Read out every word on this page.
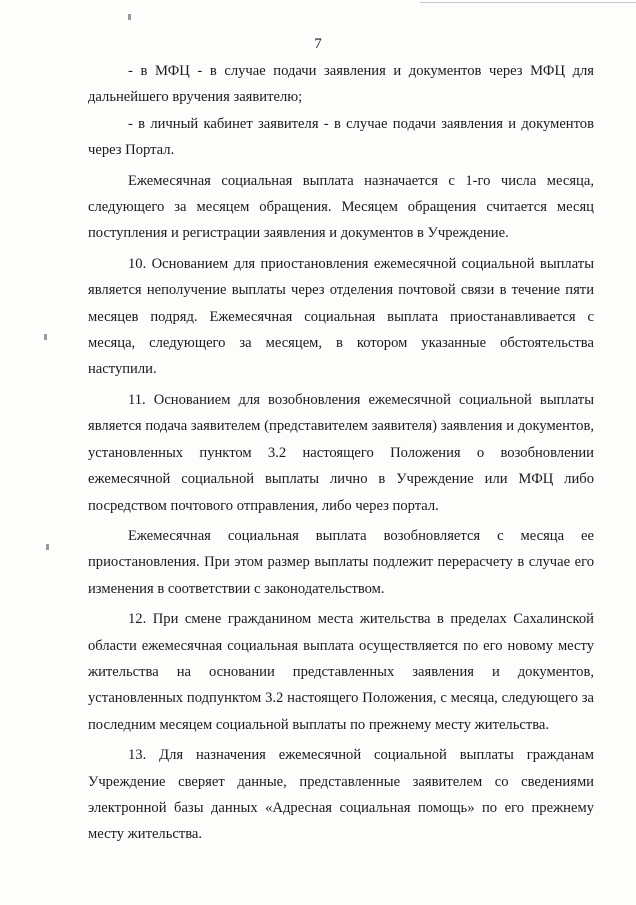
7

- в МФЦ - в случае подачи заявления и документов через МФЦ для дальнейшего вручения заявителю;

- в личный кабинет заявителя - в случае подачи заявления и документов через Портал.

Ежемесячная социальная выплата назначается с 1-го числа месяца, следующего за месяцем обращения. Месяцем обращения считается месяц поступления и регистрации заявления и документов в Учреждение.

10. Основанием для приостановления ежемесячной социальной выплаты является неполучение выплаты через отделения почтовой связи в течение пяти месяцев подряд. Ежемесячная социальная выплата приостанавливается с месяца, следующего за месяцем, в котором указанные обстоятельства наступили.

11. Основанием для возобновления ежемесячной социальной выплаты является подача заявителем (представителем заявителя) заявления и документов, установленных пунктом 3.2 настоящего Положения о возобновлении ежемесячной социальной выплаты лично в Учреждение или МФЦ либо посредством почтового отправления, либо через портал.

Ежемесячная социальная выплата возобновляется с месяца ее приостановления. При этом размер выплаты подлежит перерасчету в случае его изменения в соответствии с законодательством.

12. При смене гражданином места жительства в пределах Сахалинской области ежемесячная социальная выплата осуществляется по его новому месту жительства на основании представленных заявления и документов, установленных подпунктом 3.2 настоящего Положения, с месяца, следующего за последним месяцем социальной выплаты по прежнему месту жительства.

13. Для назначения ежемесячной социальной выплаты гражданам Учреждение сверяет данные, представленные заявителем со сведениями электронной базы данных «Адресная социальная помощь» по его прежнему месту жительства.
